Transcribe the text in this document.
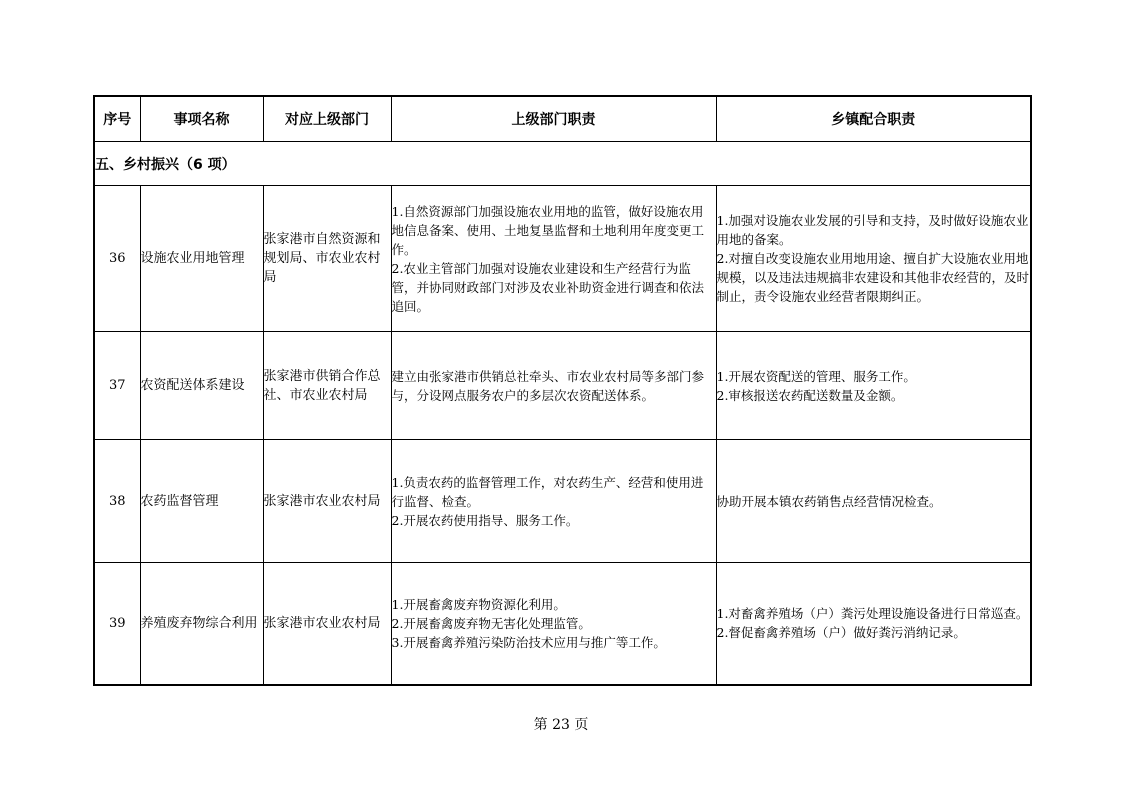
序号	事项名称	对应上级部门	上级部门职责	乡镇配合职责
五、乡村振兴（6 项）				
36	设施农业用地管理	张家港市自然资源和规划局、市农业农村局	1.自然资源部门加强设施农业用地的监管，做好设施农用地信息备案、使用、土地复垦监督和土地利用年度变更工作。
2.农业主管部门加强对设施农业建设和生产经营行为监管，并协同财政部门对涉及农业补助资金进行调查和依法追回。	1.加强对设施农业发展的引导和支持，及时做好设施农业用地的备案。
2.对擅自改变设施农业用地用途、擅自扩大设施农业用地规模，以及违法违规搞非农建设和其他非农经营的，及时制止，责令设施农业经营者限期纠正。

37	农资配送体系建设	张家港市供销合作总社、市农业农村局	建立由张家港市供销总社牵头、市农业农村局等多部门参与，分设网点服务农户的多层次农资配送体系。	1.开展农资配送的管理、服务工作。
2.审核报送农药配送数量及金额。

38	农药监督管理	张家港市农业农村局	1.负责农药的监督管理工作，对农药生产、经营和使用进行监督、检查。
2.开展农药使用指导、服务工作。	协助开展本镇农药销售点经营情况检查。

39	养殖废弃物综合利用	张家港市农业农村局	1.开展畜禽废弃物资源化利用。
2.开展畜禽废弃物无害化处理监管。
3.开展畜禽养殖污染防治技术应用与推广等工作。	1.对畜禽养殖场（户）粪污处理设施设备进行日常巡查。
2.督促畜禽养殖场（户）做好粪污消纳记录。
第 23 页
